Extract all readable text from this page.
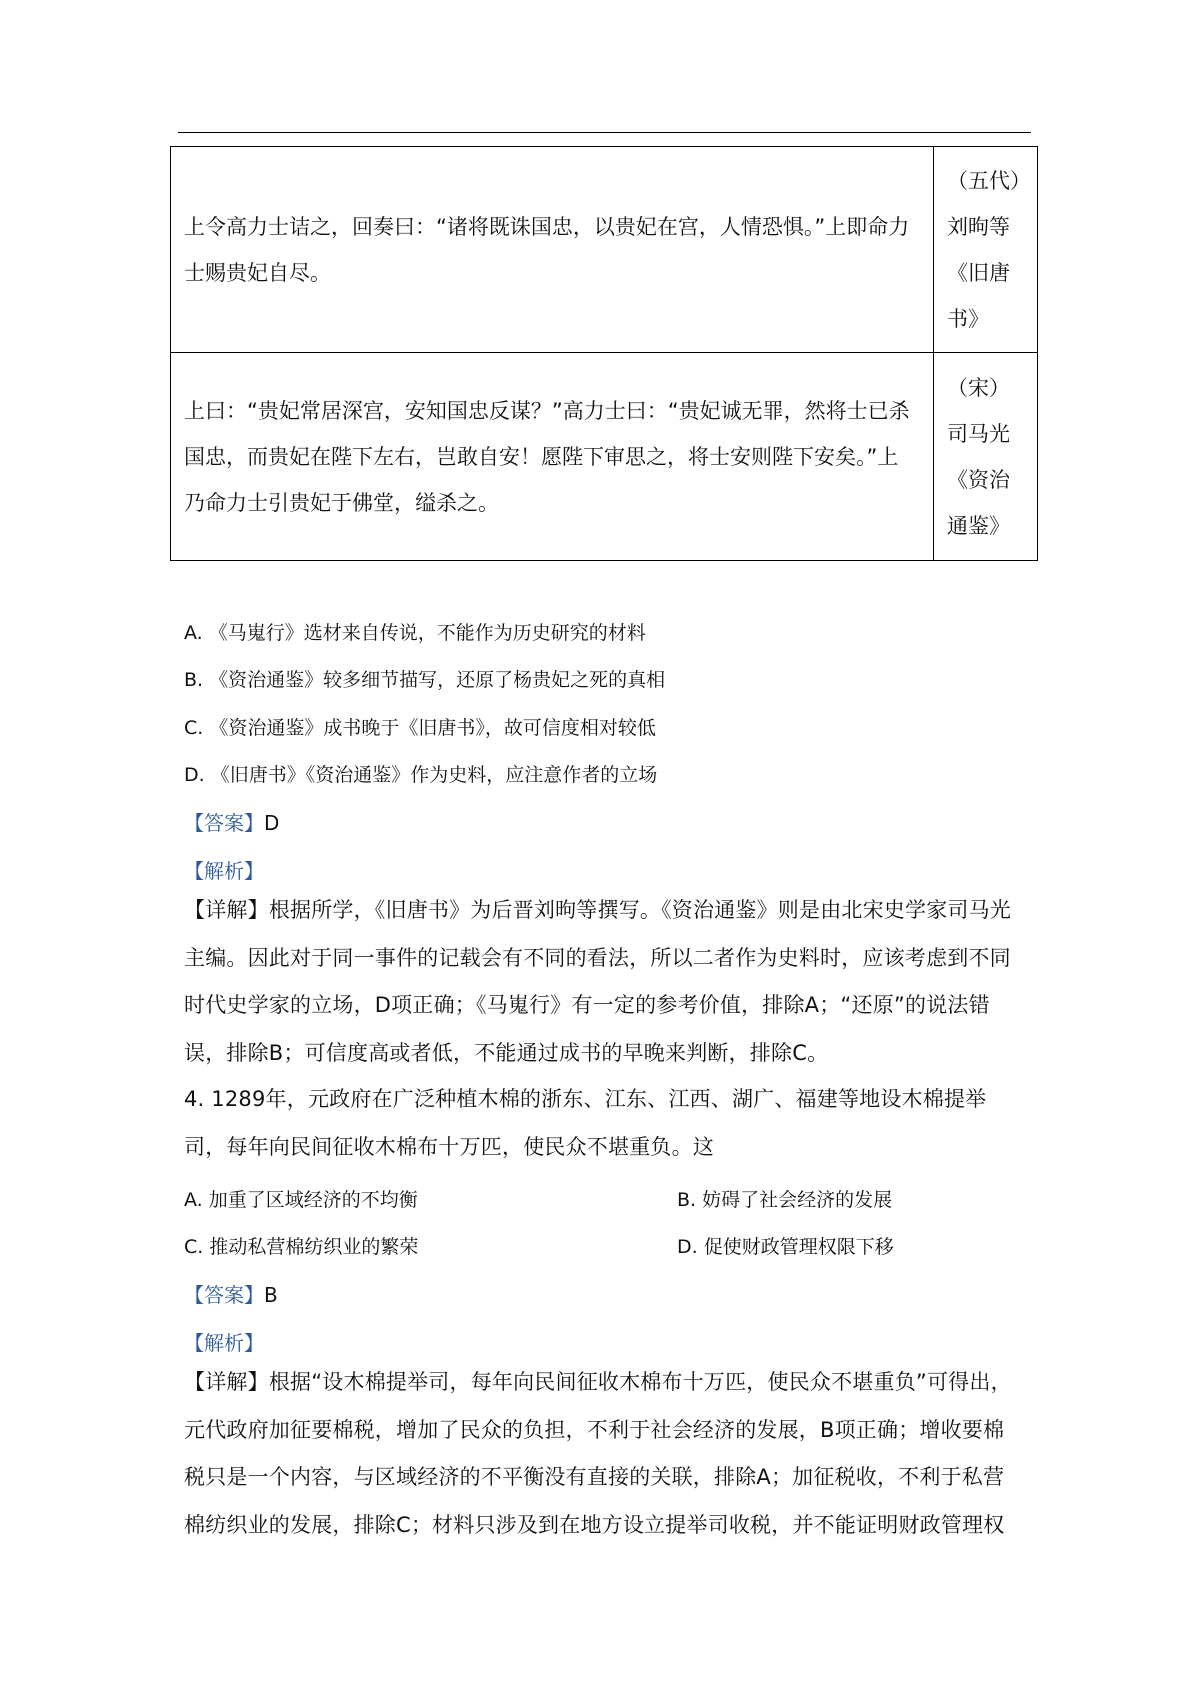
上令高力士诘之，回奏曰：“诸将既诛国忠，以贵妃在宫，人情恐惧。”上即命力士赐贵妃自尽。	（五代）刘昫等《旧唐书》
上曰：“贵妃常居深宫，安知国忠反谋？”高力士曰：“贵妃诚无罪，然将士已杀国忠，而贵妃在陛下左右，岂敢自安！愿陛下审思之，将士安则陛下安矣。”上乃命力士引贵妃于佛堂，缢杀之。	（宋）司马光《资治通鉴》
A. 《马嵬行》选材来自传说，不能作为历史研究的材料
B. 《资治通鉴》较多细节描写，还原了杨贵妃之死的真相
C. 《资治通鉴》成书晚于《旧唐书》，故可信度相对较低
D. 《旧唐书》《资治通鉴》作为史料，应注意作者的立场
【答案】D
【解析】
【详解】根据所学，《旧唐书》为后晋刘昫等撰写。《资治通鉴》则是由北宋史学家司马光主编。因此对于同一事件的记载会有不同的看法，所以二者作为史料时，应该考虑到不同时代史学家的立场，D项正确；《马嵬行》有一定的参考价值，排除A；“还原”的说法错误，排除B；可信度高或者低，不能通过成书的早晚来判断，排除C。
4. 1289年，元政府在广泛种植木棉的浙东、江东、江西、湖广、福建等地设木棉提举司，每年向民间征收木棉布十万匹，使民众不堪重负。这
A. 加重了区域经济的不均衡	B. 妨碍了社会经济的发展
C. 推动私营棉纺织业的繁荣	D. 促使财政管理权限下移
【答案】B
【解析】
【详解】根据“设木棉提举司，每年向民间征收木棉布十万匹，使民众不堪重负”可得出，元代政府加征要棉税，增加了民众的负担，不利于社会经济的发展，B项正确；增收要棉税只是一个内容，与区域经济的不平衡没有直接的关联，排除A；加征税收，不利于私营棉纺织业的发展，排除C；材料只涉及到在地方设立提举司收税，并不能证明财政管理权
